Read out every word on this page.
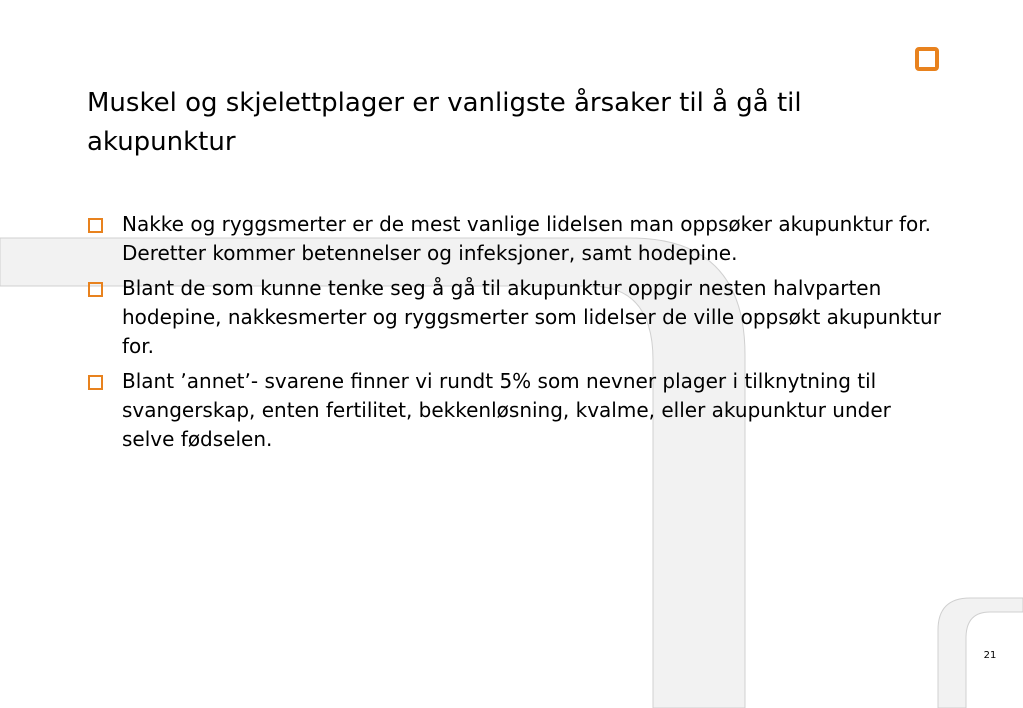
Muskel og skjelettplager er vanligste årsaker til å gå til akupunktur
Nakke og ryggsmerter er de mest vanlige lidelsen man oppsøker akupunktur for. Deretter kommer betennelser og infeksjoner, samt hodepine.
Blant de som kunne tenke seg å gå til akupunktur oppgir nesten halvparten hodepine, nakkesmerter og ryggsmerter som lidelser de ville oppsøkt akupunktur for.
Blant ʼannetʼ- svarene finner vi rundt 5% som nevner plager i tilknytning til svangerskap, enten fertilitet, bekkenløsning, kvalme, eller akupunktur under selve fødselen.
21
